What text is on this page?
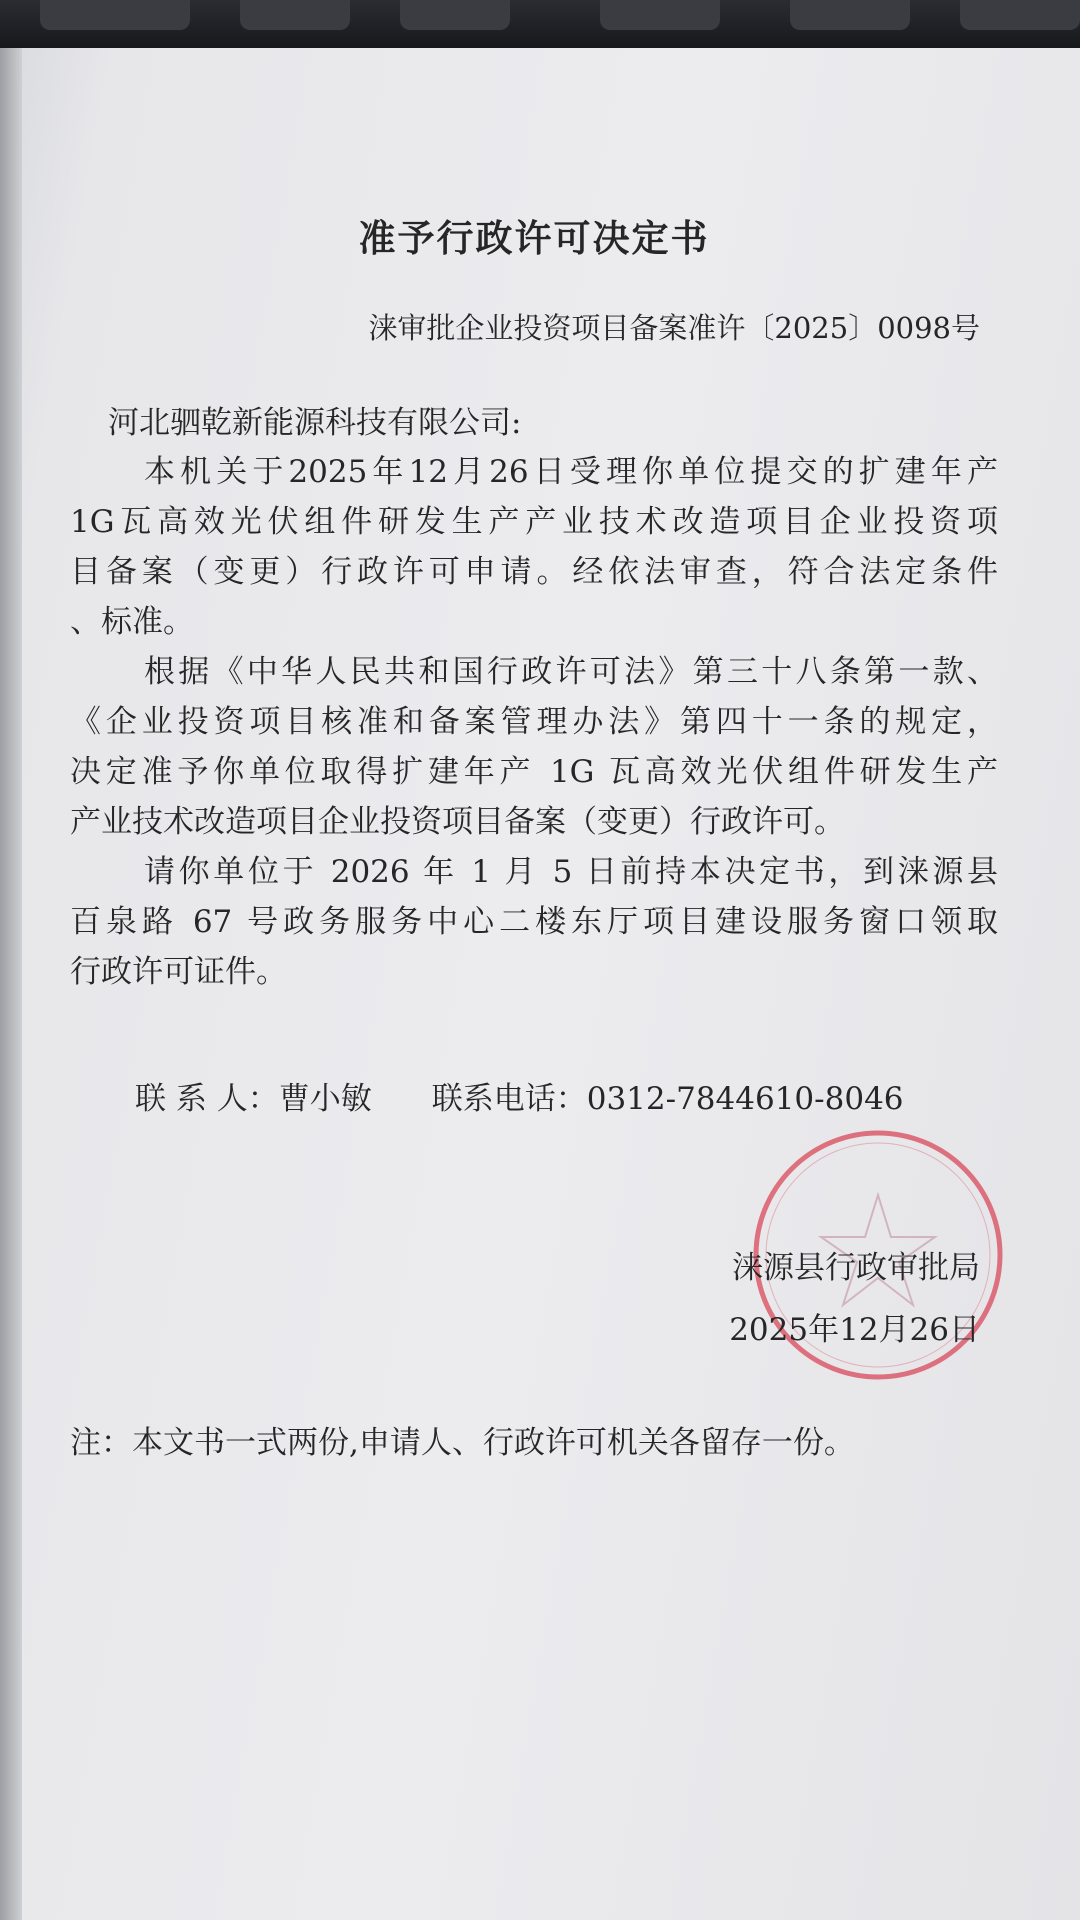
准予行政许可决定书
涞审批企业投资项目备案准许〔2025〕0098号
河北驷乾新能源科技有限公司:
本机关于2025年12月26日受理你单位提交的扩建年产
1G瓦高效光伏组件研发生产产业技术改造项目企业投资项
目备案（变更）行政许可申请。经依法审查，符合法定条件
、标准。
根据《中华人民共和国行政许可法》第三十八条第一款、
《企业投资项目核准和备案管理办法》第四十一条的规定，
决定准予你单位取得扩建年产 1G 瓦高效光伏组件研发生产
产业技术改造项目企业投资项目备案（变更）行政许可。
请你单位于 2026 年 1 月 5 日前持本决定书，到涞源县
百泉路 67 号政务服务中心二楼东厅项目建设服务窗口领取
行政许可证件。
联 系 人：曹小敏 联系电话：0312-7844610-8046
涞源县行政审批局
2025年12月26日
注：本文书一式两份,申请人、行政许可机关各留存一份。
